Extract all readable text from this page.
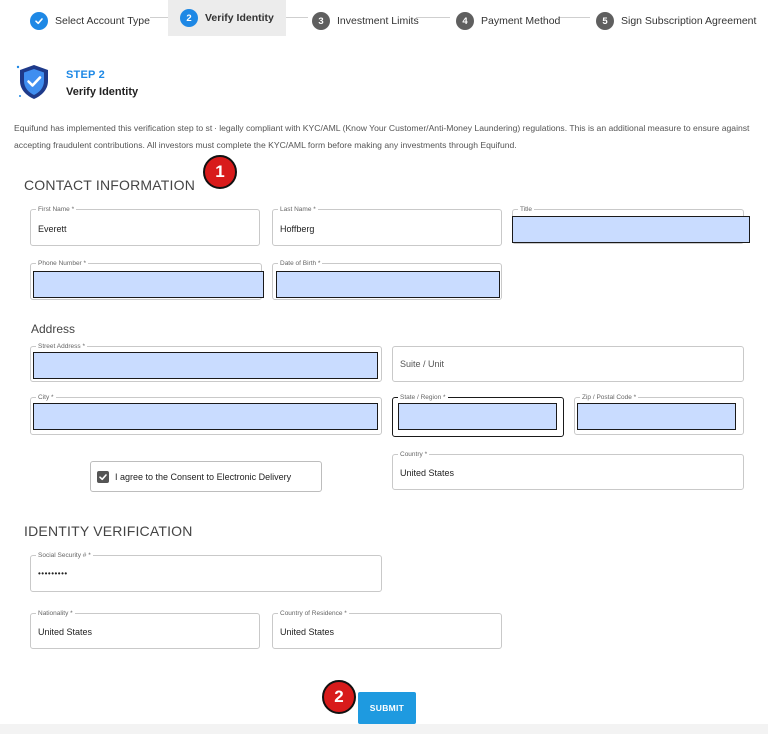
Select Account Type	2	Verify Identity	3	Investment Limits	4	Payment Method	5	Sign Subscription Agreement
STEP 2
Verify Identity
Equifund has implemented this verification step to st · legally compliant with KYC/AML (Know Your Customer/Anti-Money Laundering) regulations. This is an additional measure to ensure against accepting fraudulent contributions. All investors must complete the KYC/AML form before making any investments through Equifund.
CONTACT INFORMATION
1
First Name *
Everett
Last Name *
Hoffberg
Title
Phone Number *	Date of Birth *
Address
Street Address *
Suite / Unit
City *	State / Region *	Zip / Postal Code *
I agree to the Consent to Electronic Delivery
Country *
United States
IDENTITY VERIFICATION
Social Security # *
•••••••••
Nationality *
United States
Country of Residence *
United States
2
SUBMIT
